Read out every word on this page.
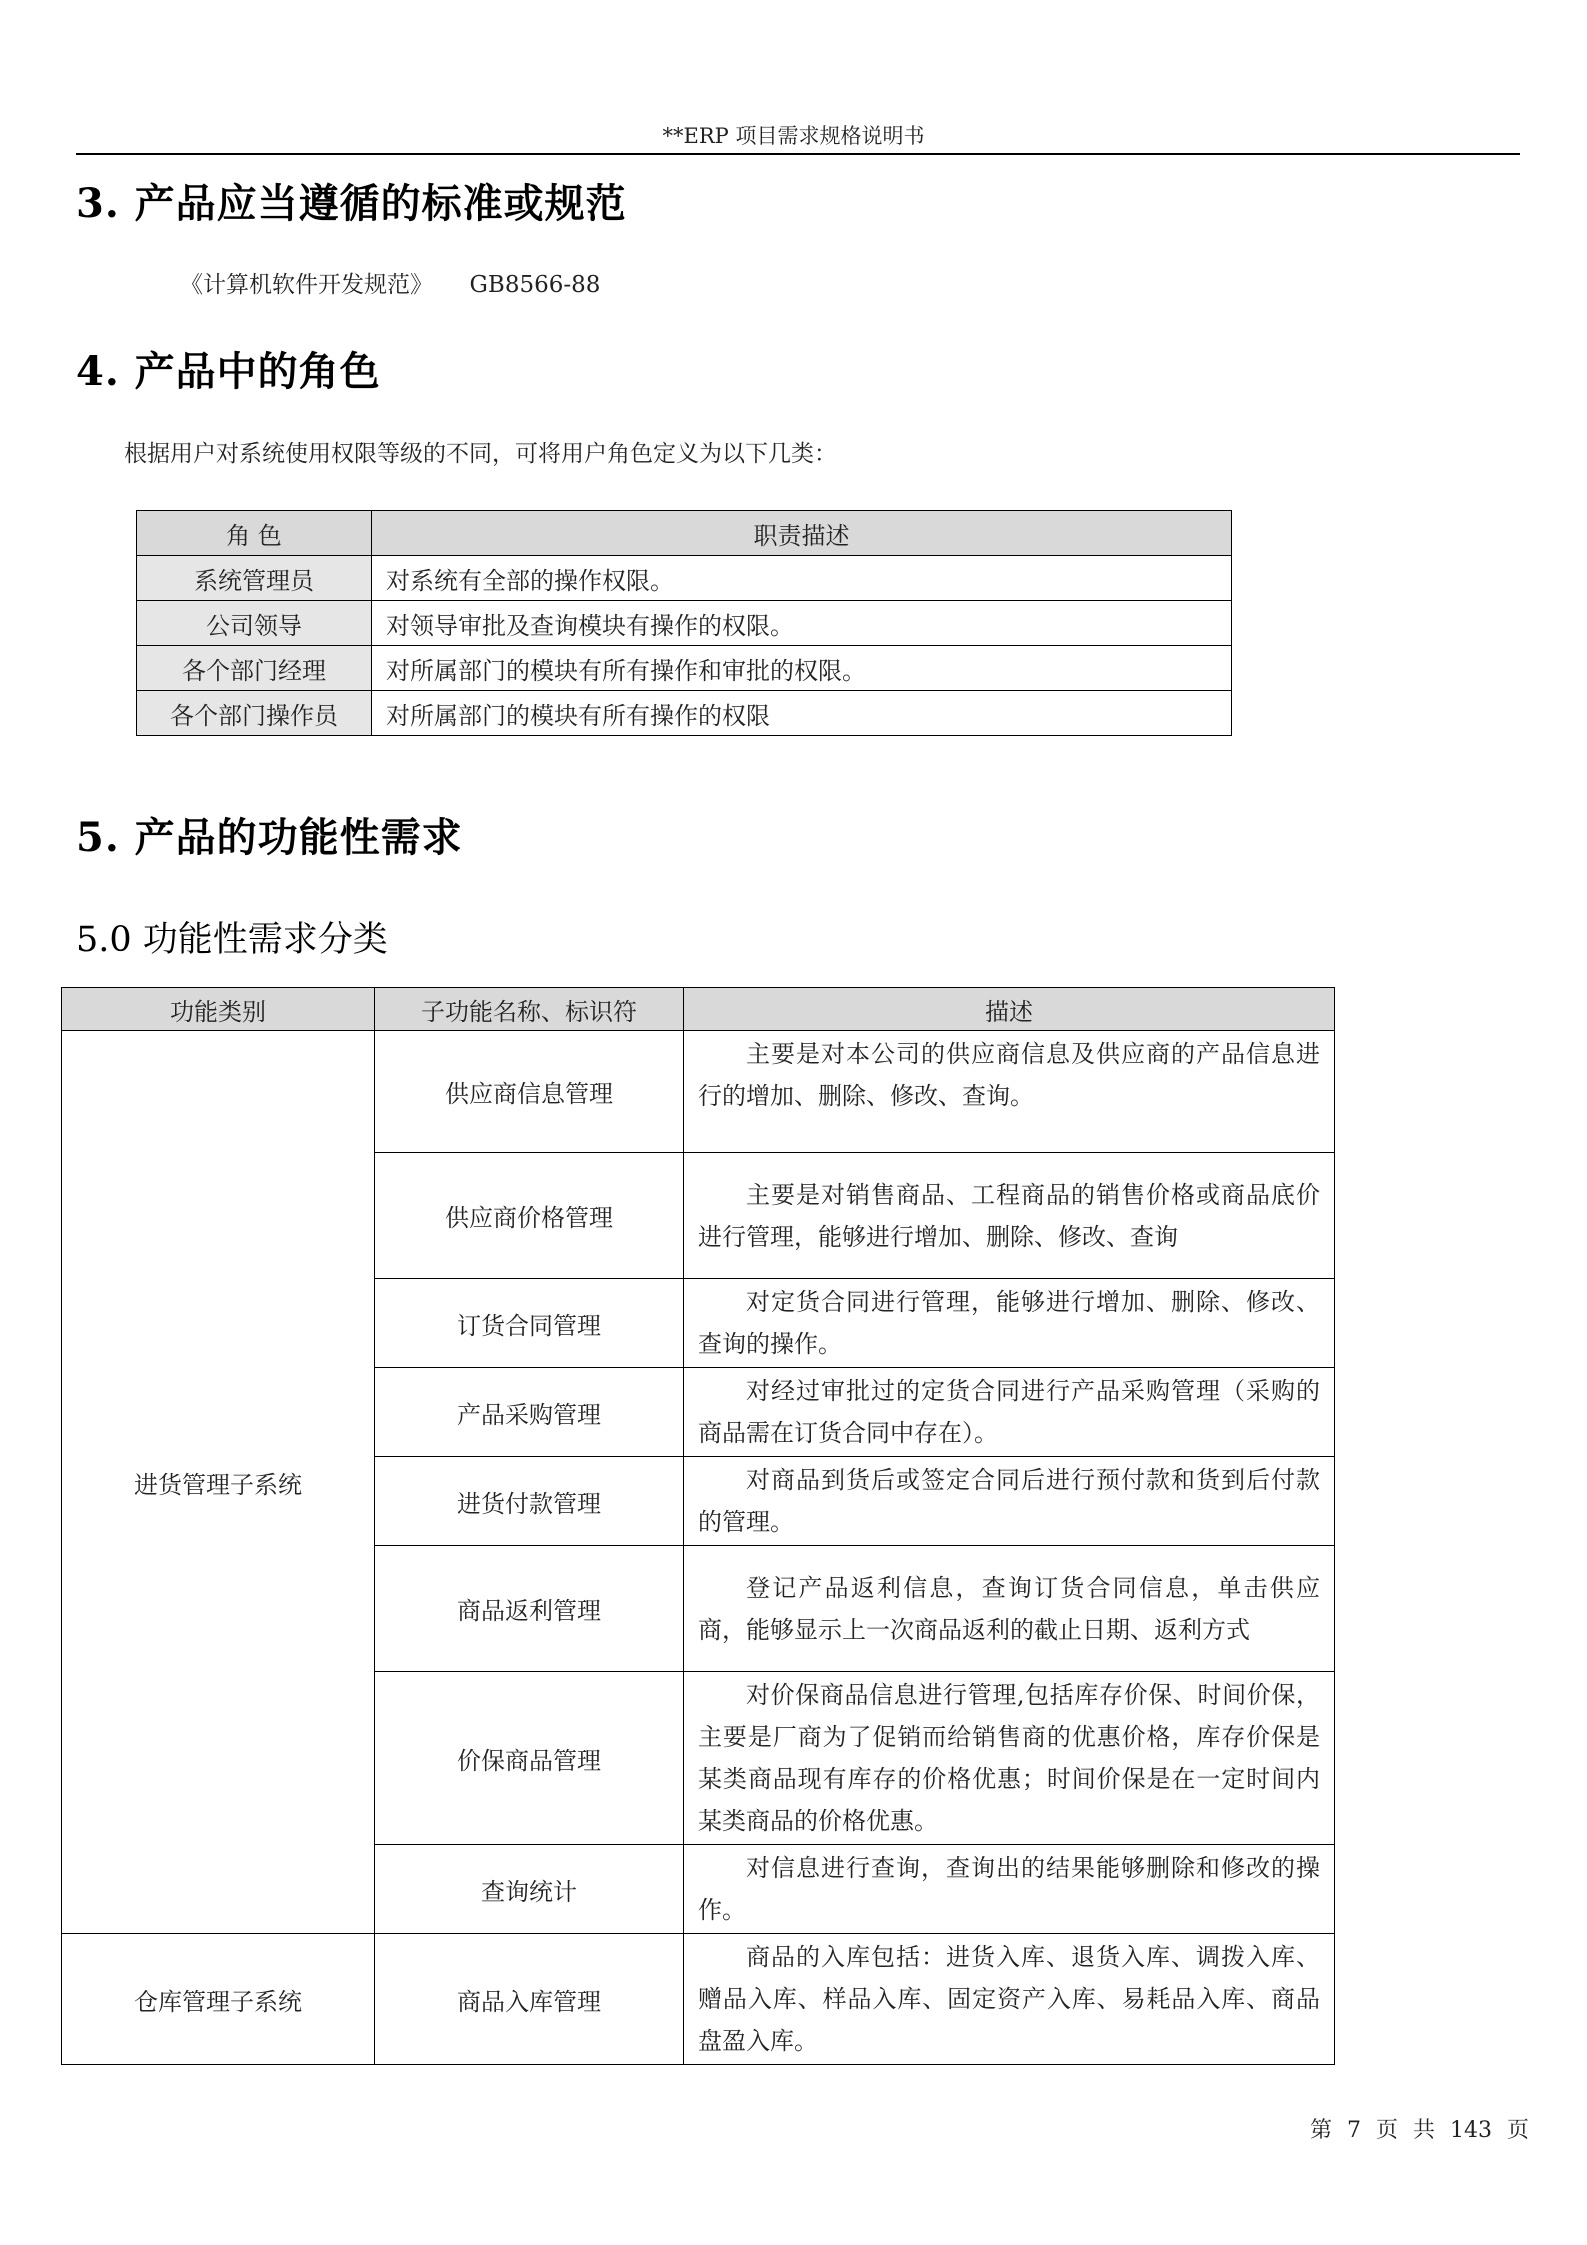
**ERP 项目需求规格说明书
3. 产品应当遵循的标准或规范
《计算机软件开发规范》     GB8566-88
4. 产品中的角色
根据用户对系统使用权限等级的不同，可将用户角色定义为以下几类：
角 色	职责描述
系统管理员	对系统有全部的操作权限。
公司领导	对领导审批及查询模块有操作的权限。
各个部门经理	对所属部门的模块有所有操作和审批的权限。
各个部门操作员	对所属部门的模块有所有操作的权限
5. 产品的功能性需求
5.0 功能性需求分类
功能类别	子功能名称、标识符	描述
进货管理子系统	供应商信息管理	主要是对本公司的供应商信息及供应商的产品信息进行的增加、删除、修改、查询。
	供应商价格管理	主要是对销售商品、工程商品的销售价格或商品底价进行管理，能够进行增加、删除、修改、查询
	订货合同管理	对定货合同进行管理，能够进行增加、删除、修改、查询的操作。
	产品采购管理	对经过审批过的定货合同进行产品采购管理（采购的商品需在订货合同中存在）。
	进货付款管理	对商品到货后或签定合同后进行预付款和货到后付款的管理。
	商品返利管理	登记产品返利信息，查询订货合同信息，单击供应商，能够显示上一次商品返利的截止日期、返利方式
	价保商品管理	对价保商品信息进行管理,包括库存价保、时间价保，主要是厂商为了促销而给销售商的优惠价格，库存价保是某类商品现有库存的价格优惠；时间价保是在一定时间内某类商品的价格优惠。
	查询统计	对信息进行查询，查询出的结果能够删除和修改的操作。
仓库管理子系统	商品入库管理	商品的入库包括：进货入库、退货入库、调拨入库、赠品入库、样品入库、固定资产入库、易耗品入库、商品盘盈入库。
第 7 页 共 143 页
